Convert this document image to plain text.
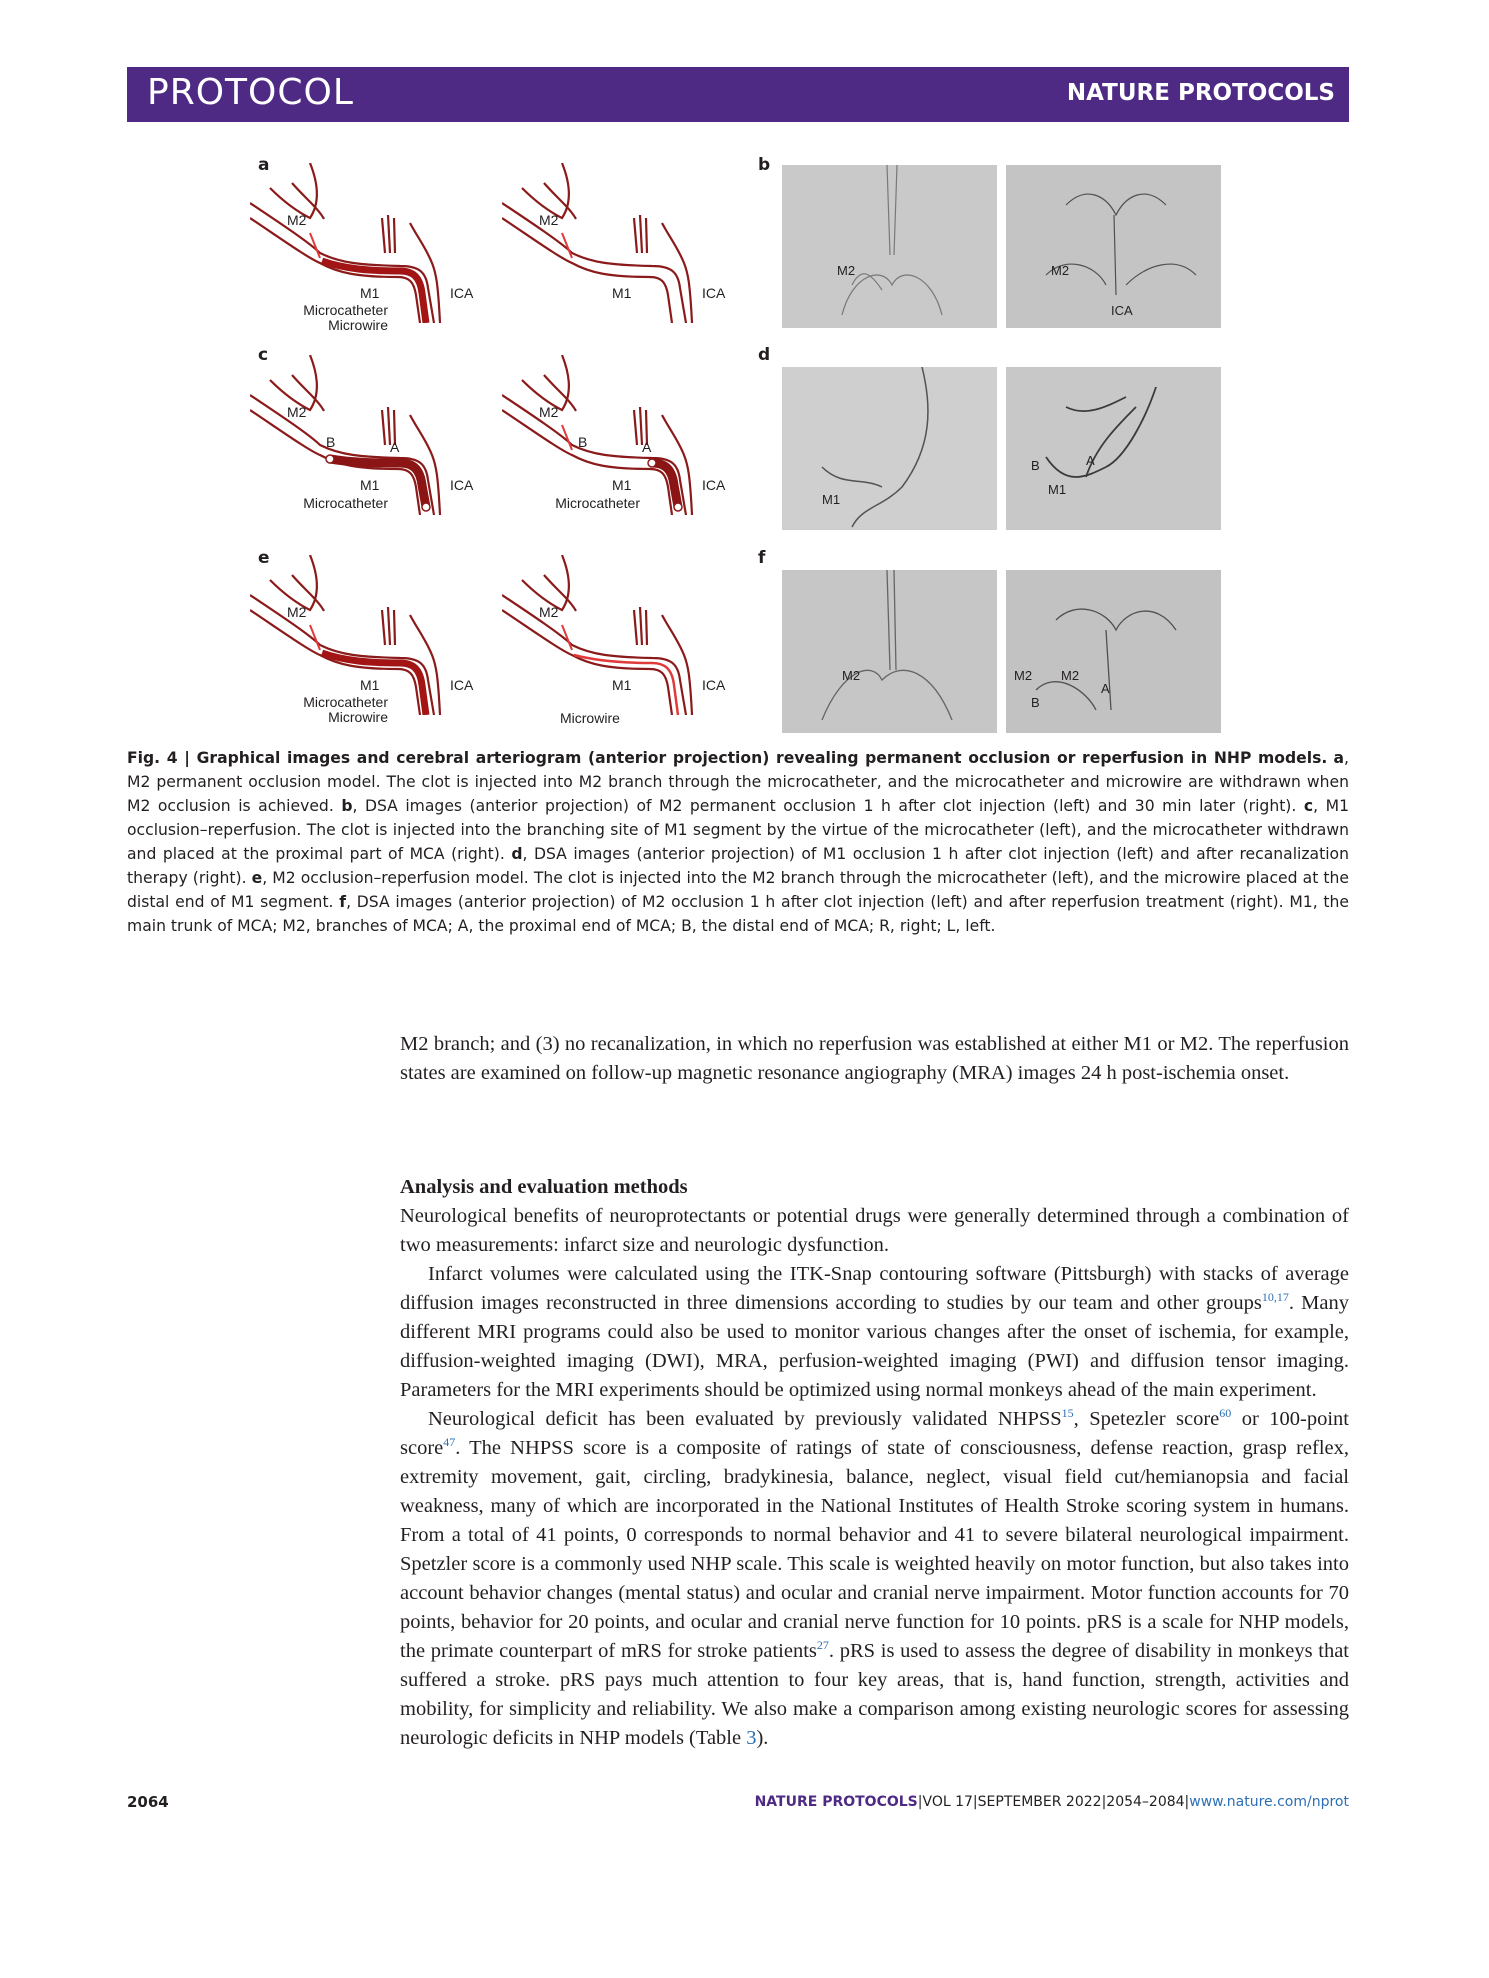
PROTOCOL	NATURE PROTOCOLS
a	b
c	d
e	f
M2
M1	ICA
Microcatheter
Microwire
M2
M1	ICA
M2
B	A
M1	ICA
Microcatheter
M2
B	A
M1	ICA
Microcatheter
M2
M1	ICA
Microcatheter
Microwire
M2
M1	ICA
Microwire
M2	M2
ICA
M1
B	A
M1
M2	M2 M2
A
B
Fig. 4 | Graphical images and cerebral arteriogram (anterior projection) revealing permanent occlusion or reperfusion in NHP models. a, M2 permanent occlusion model. The clot is injected into M2 branch through the microcatheter, and the microcatheter and microwire are withdrawn when M2 occlusion is achieved. b, DSA images (anterior projection) of M2 permanent occlusion 1 h after clot injection (left) and 30 min later (right). c, M1 occlusion–reperfusion. The clot is injected into the branching site of M1 segment by the virtue of the microcatheter (left), and the microcatheter withdrawn and placed at the proximal part of MCA (right). d, DSA images (anterior projection) of M1 occlusion 1 h after clot injection (left) and after recanalization therapy (right). e, M2 occlusion–reperfusion model. The clot is injected into the M2 branch through the microcatheter (left), and the microwire placed at the distal end of M1 segment. f, DSA images (anterior projection) of M2 occlusion 1 h after clot injection (left) and after reperfusion treatment (right). M1, the main trunk of MCA; M2, branches of MCA; A, the proximal end of MCA; B, the distal end of MCA; R, right; L, left.

M2 branch; and (3) no recanalization, in which no reperfusion was established at either M1 or M2. The reperfusion states are examined on follow-up magnetic resonance angiography (MRA) images 24 h post-ischemia onset.

Analysis and evaluation methods

Neurological benefits of neuroprotectants or potential drugs were generally determined through a combination of two measurements: infarct size and neurologic dysfunction.

Infarct volumes were calculated using the ITK-Snap contouring software (Pittsburgh) with stacks of average diffusion images reconstructed in three dimensions according to studies by our team and other groups$^{10,17}$. Many different MRI programs could also be used to monitor various changes after the onset of ischemia, for example, diffusion-weighted imaging (DWI), MRA, perfusion-weighted imaging (PWI) and diffusion tensor imaging. Parameters for the MRI experiments should be optimized using normal monkeys ahead of the main experiment.

Neurological deficit has been evaluated by previously validated NHPSS$^{15}$, Spetezler score$^{60}$ or 100-point score$^{47}$. The NHPSS score is a composite of ratings of state of consciousness, defense reaction, grasp reflex, extremity movement, gait, circling, bradykinesia, balance, neglect, visual field cut/hemianopsia and facial weakness, many of which are incorporated in the National Institutes of Health Stroke scoring system in humans. From a total of 41 points, 0 corresponds to normal behavior and 41 to severe bilateral neurological impairment. Spetzler score is a commonly used NHP scale. This scale is weighted heavily on motor function, but also takes into account behavior changes (mental status) and ocular and cranial nerve impairment. Motor function accounts for 70 points, behavior for 20 points, and ocular and cranial nerve function for 10 points. pRS is a scale for NHP models, the primate counterpart of mRS for stroke patients$^{27}$. pRS is used to assess the degree of disability in monkeys that suffered a stroke. pRS pays much attention to four key areas, that is, hand function, strength, activities and mobility, for simplicity and reliability. We also make a comparison among existing neurologic scores for assessing neurologic deficits in NHP models (Table 3).

2064	NATURE PROTOCOLS|VOL 17|SEPTEMBER 2022|2054–2084|www.nature.com/nprot
